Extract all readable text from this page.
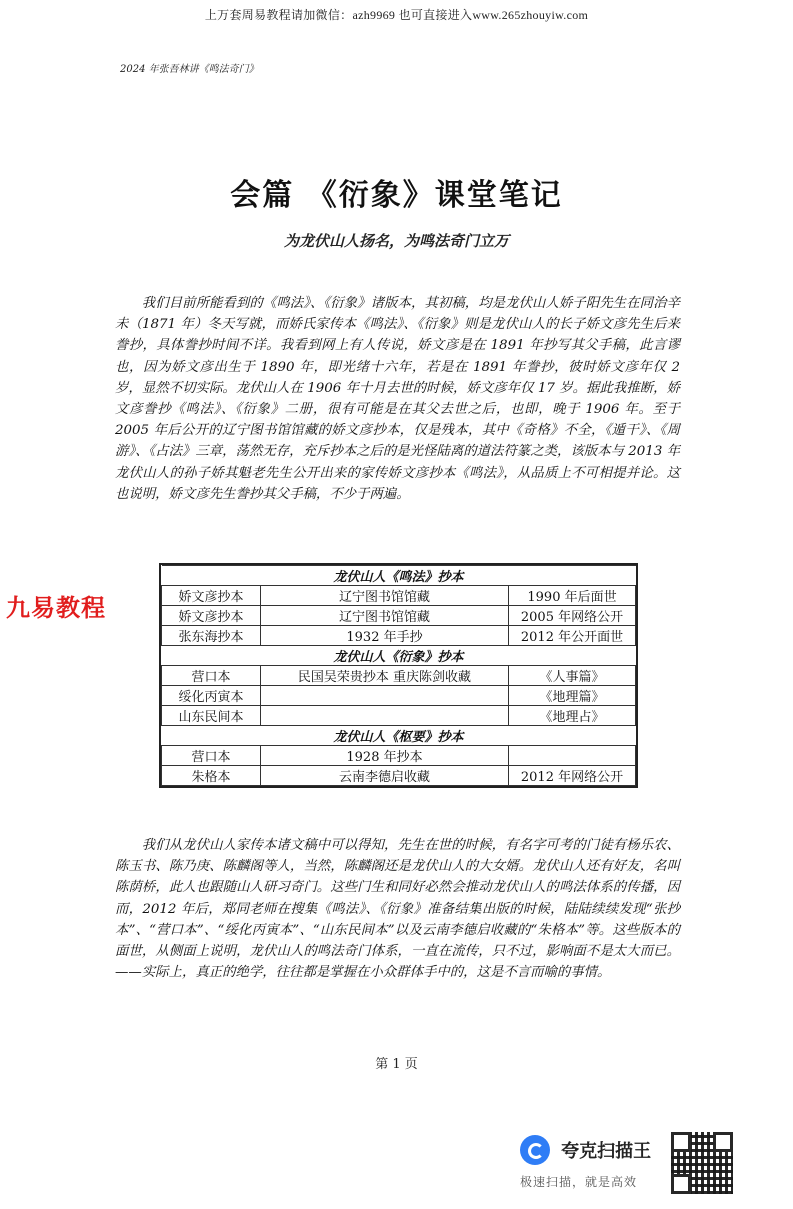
上万套周易教程请加微信：azh9969 也可直接进入www.265zhouyiw.com
2024 年张吾林讲《鸣法奇门》
会篇 《衍象》课堂笔记
为龙伏山人扬名，为鸣法奇门立万
我们目前所能看到的《鸣法》、《衍象》诸版本，其初稿，均是龙伏山人娇子阳先生在同治辛未（1871 年）冬天写就，而娇氏家传本《鸣法》、《衍象》则是龙伏山人的长子娇文彦先生后来誊抄，具体誊抄时间不详。我看到网上有人传说，娇文彦是在 1891 年抄写其父手稿，此言谬也，因为娇文彦出生于 1890 年，即光绪十六年，若是在 1891 年誊抄，彼时娇文彦年仅 2 岁，显然不切实际。龙伏山人在 1906 年十月去世的时候，娇文彦年仅 17 岁。据此我推断，娇文彦誊抄《鸣法》、《衍象》二册，很有可能是在其父去世之后，也即，晚于 1906 年。至于 2005 年后公开的辽宁图书馆馆藏的娇文彦抄本，仅是残本，其中《奇格》不全，《遁干》、《周游》、《占法》三章，荡然无存，充斥抄本之后的是光怪陆离的道法符篆之类，该版本与 2013 年龙伏山人的孙子娇其魁老先生公开出来的家传娇文彦抄本《鸣法》，从品质上不可相提并论。这也说明，娇文彦先生誊抄其父手稿，不少于两遍。
龙伏山人《鸣法》抄本		
娇文彦抄本	辽宁图书馆馆藏	1990 年后面世
娇文彦抄本	辽宁图书馆馆藏	2005 年网络公开
张东海抄本	1932 年手抄	2012 年公开面世
龙伏山人《衍象》抄本		
营口本	民国吴荣贵抄本 重庆陈剑收藏	《人事篇》
绥化丙寅本		《地理篇》
山东民间本		《地理占》
龙伏山人《枢要》抄本		
营口本	1928 年抄本	
朱格本	云南李德启收藏	2012 年网络公开
九易教程
我们从龙伏山人家传本诸文稿中可以得知，先生在世的时候，有名字可考的门徒有杨乐农、陈玉书、陈乃庚、陈麟阁等人，当然，陈麟阁还是龙伏山人的大女婿。龙伏山人还有好友，名叫陈荫桥，此人也跟随山人研习奇门。这些门生和同好必然会推动龙伏山人的鸣法体系的传播，因而，2012 年后，郑同老师在搜集《鸣法》、《衍象》准备结集出版的时候，陆陆续续发现“张抄本”、“营口本”、“绥化丙寅本”、“山东民间本”以及云南李德启收藏的“朱格本”等。这些版本的面世，从侧面上说明，龙伏山人的鸣法奇门体系，一直在流传，只不过，影响面不是太大而已。——实际上，真正的绝学，往往都是掌握在小众群体手中的，这是不言而喻的事情。
第 1 页
夸克扫描王
极速扫描，就是高效
